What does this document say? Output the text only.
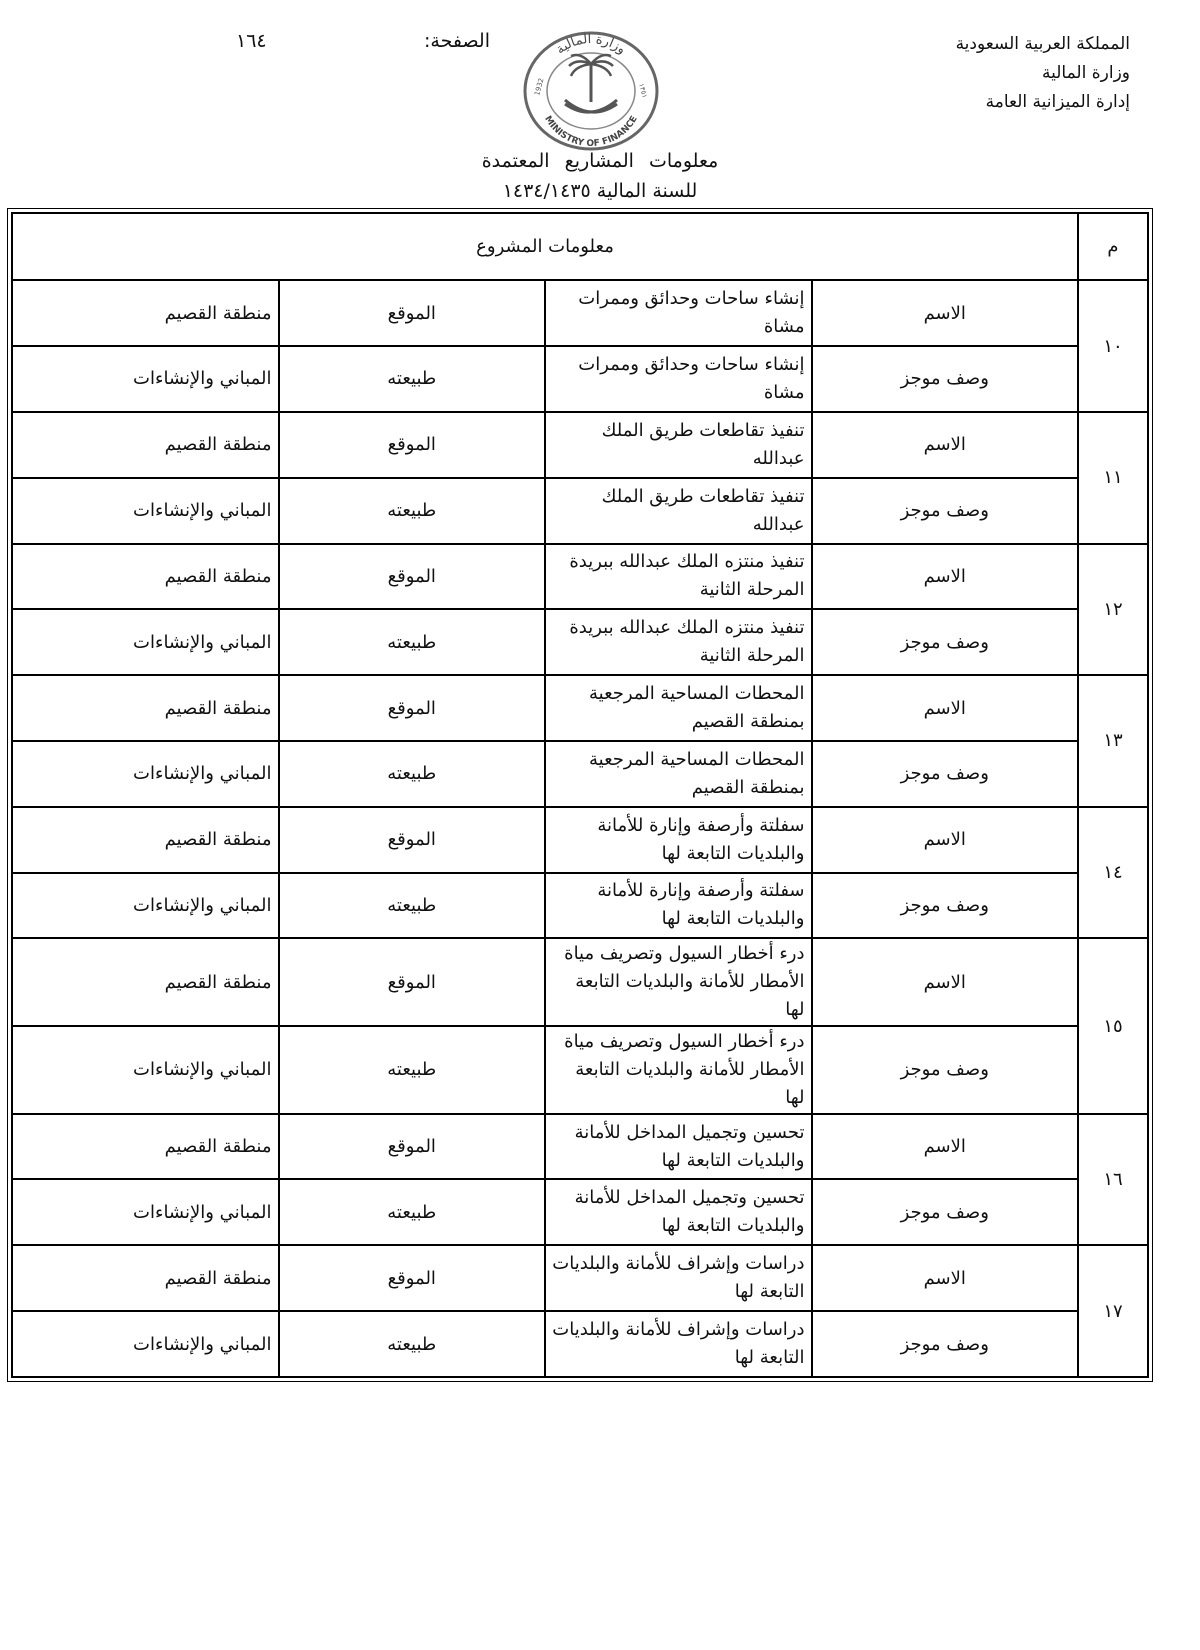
المملكة العربية السعودية
وزارة المالية
إدارة الميزانية العامة
الصفحة:
١٦٤	وزارة المالية
MINISTRY OF FINANCE
1932	١٣٥١
معلومات المشاريع المعتمدة
للسنة المالية ١٤٣٤/١٤٣٥
م	معلومات المشروع			
١٠	الاسم	إنشاء ساحات وحدائق وممرات مشاة	الموقع	منطقة القصيم
	وصف موجز	إنشاء ساحات وحدائق وممرات مشاة	طبيعته	المباني والإنشاءات
١١	الاسم	تنفيذ تقاطعات طريق الملك عبدالله	الموقع	منطقة القصيم
	وصف موجز	تنفيذ تقاطعات طريق الملك عبدالله	طبيعته	المباني والإنشاءات
١٢	الاسم	تنفيذ منتزه الملك عبدالله ببريدة المرحلة الثانية	الموقع	منطقة القصيم
	وصف موجز	تنفيذ منتزه الملك عبدالله ببريدة المرحلة الثانية	طبيعته	المباني والإنشاءات
١٣	الاسم	المحطات المساحية المرجعية بمنطقة القصيم	الموقع	منطقة القصيم
	وصف موجز	المحطات المساحية المرجعية بمنطقة القصيم	طبيعته	المباني والإنشاءات
١٤	الاسم	سفلتة وأرصفة وإنارة للأمانة والبلديات التابعة لها	الموقع	منطقة القصيم
	وصف موجز	سفلتة وأرصفة وإنارة للأمانة والبلديات التابعة لها	طبيعته	المباني والإنشاءات
١٥	الاسم	درء أخطار السيول وتصريف مياة الأمطار للأمانة والبلديات التابعة لها	الموقع	منطقة القصيم
	وصف موجز	درء أخطار السيول وتصريف مياة الأمطار للأمانة والبلديات التابعة لها	طبيعته	المباني والإنشاءات
١٦	الاسم	تحسين وتجميل المداخل للأمانة والبلديات التابعة لها	الموقع	منطقة القصيم
	وصف موجز	تحسين وتجميل المداخل للأمانة والبلديات التابعة لها	طبيعته	المباني والإنشاءات
١٧	الاسم	دراسات وإشراف للأمانة والبلديات التابعة لها	الموقع	منطقة القصيم
	وصف موجز	دراسات وإشراف للأمانة والبلديات التابعة لها	طبيعته	المباني والإنشاءات
